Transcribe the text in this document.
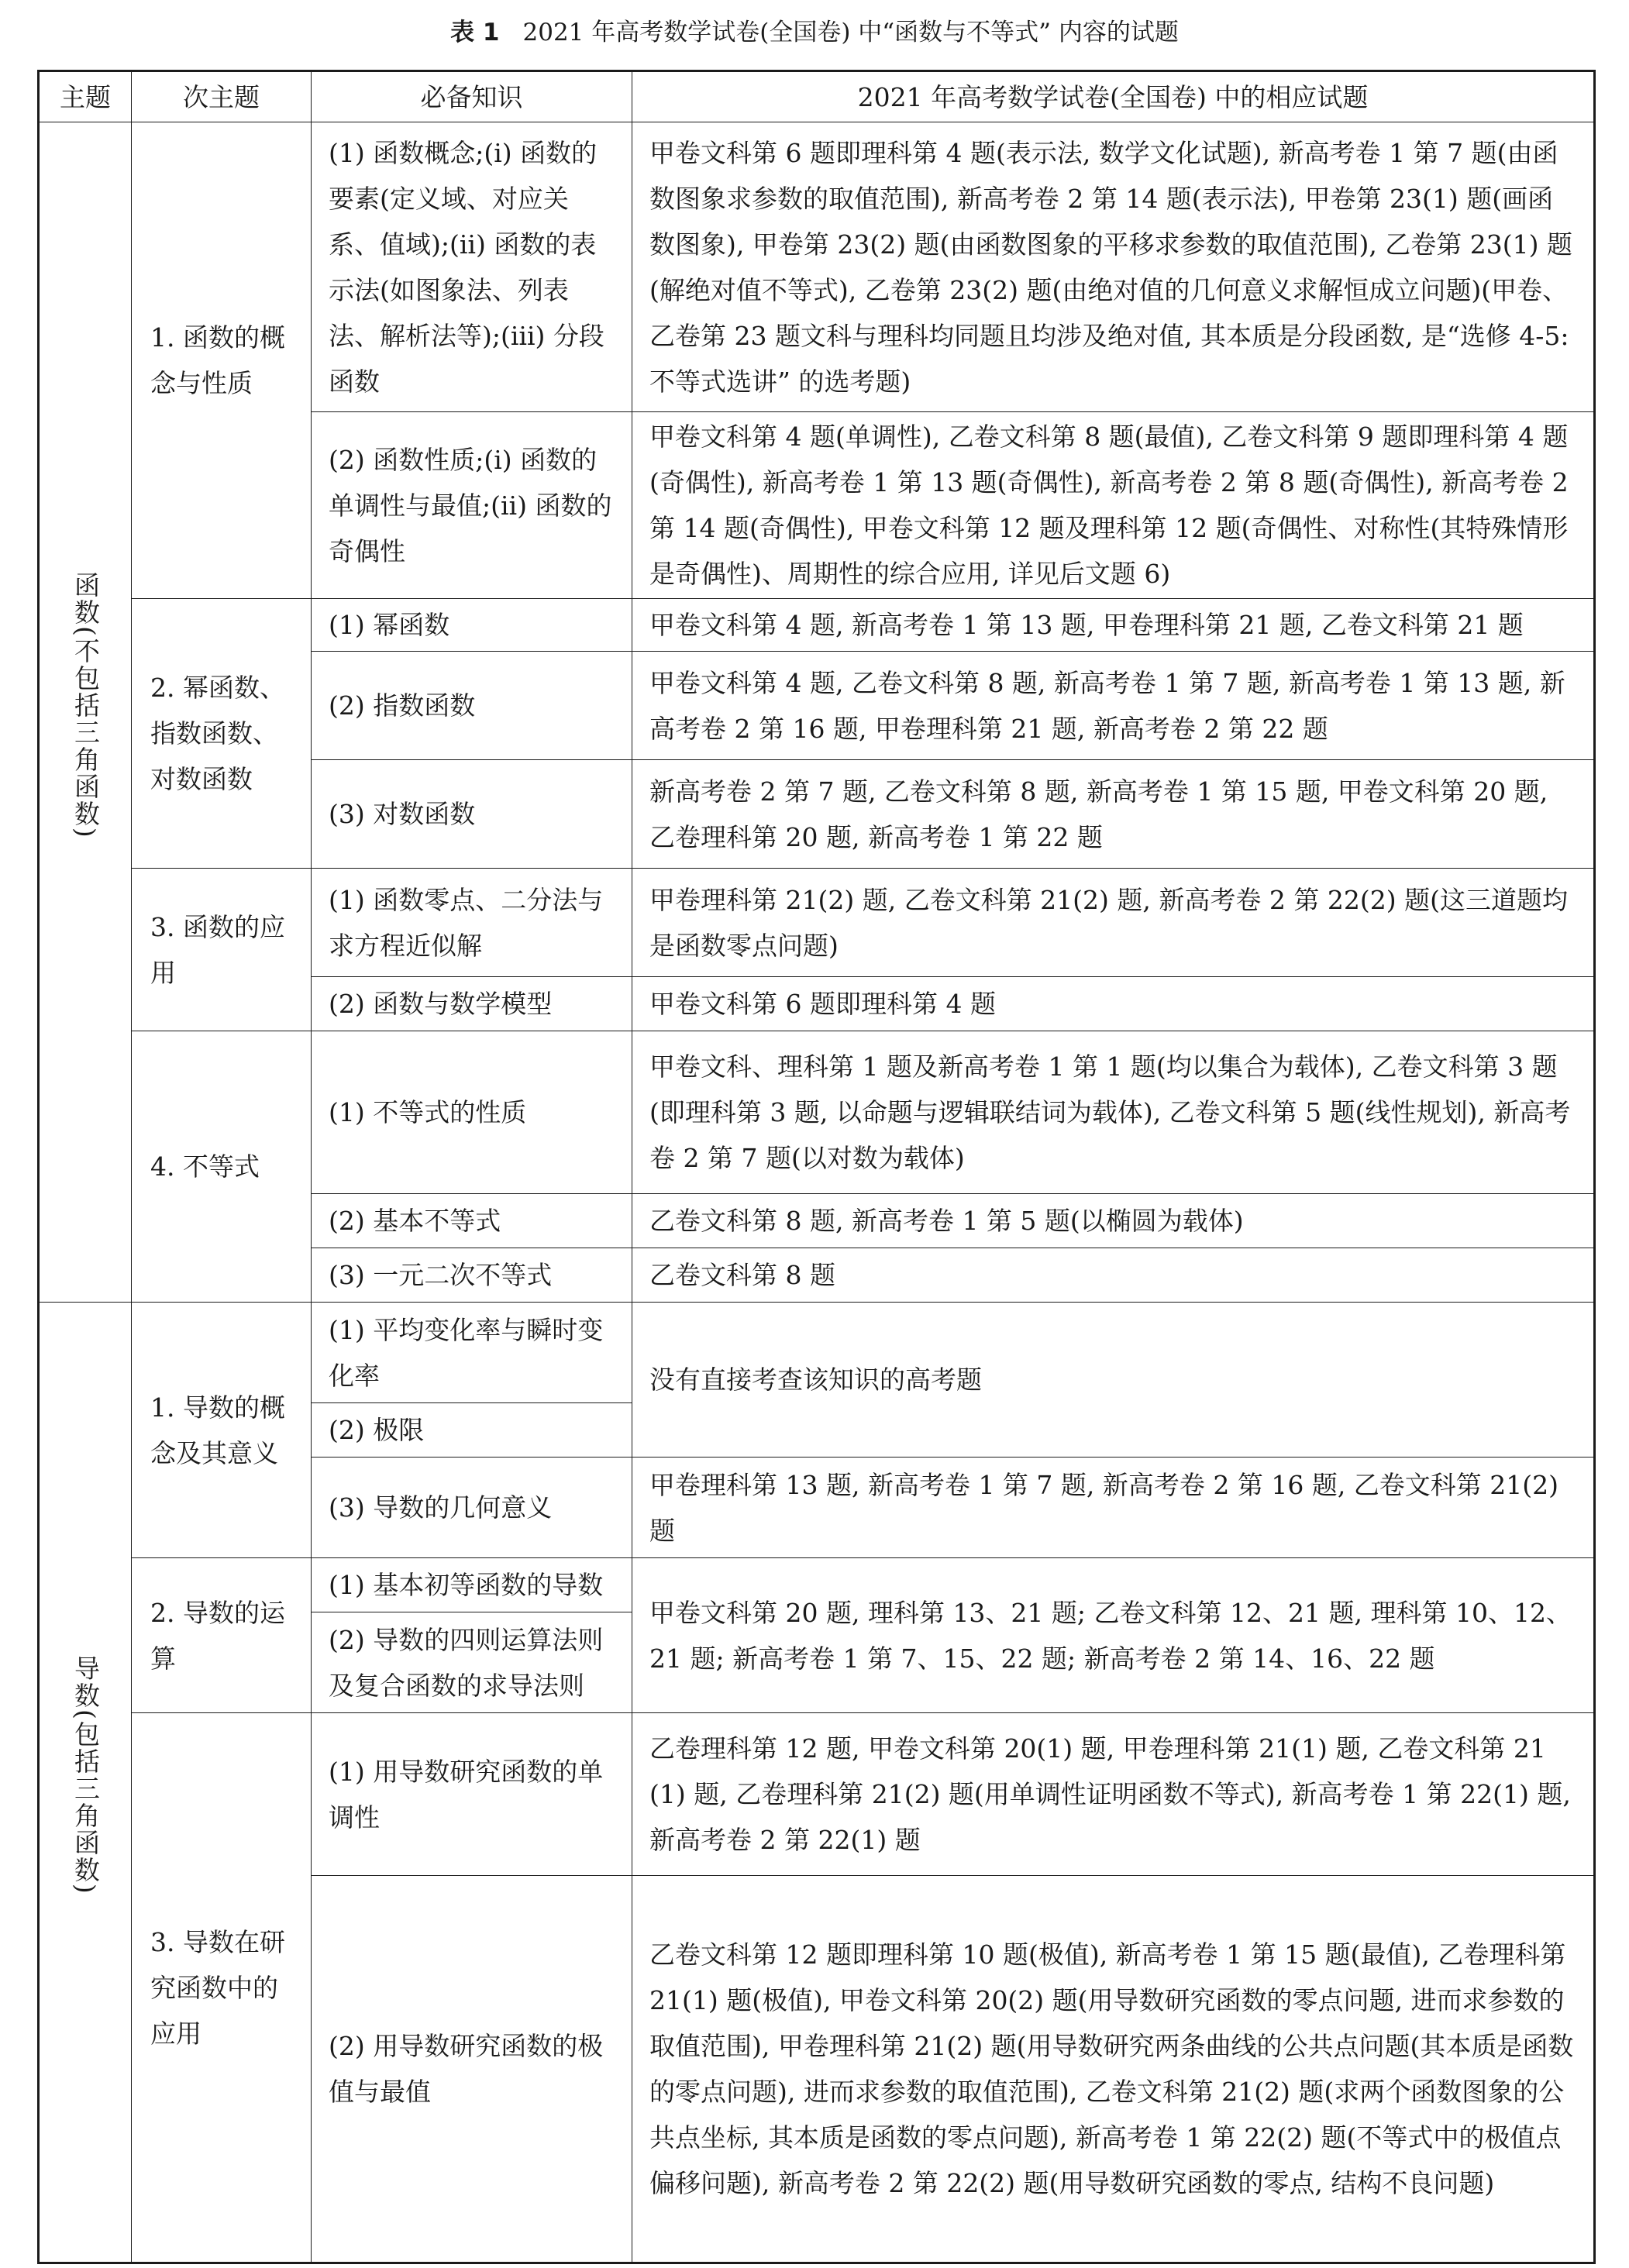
表 1 2021 年高考数学试卷(全国卷) 中“函数与不等式” 内容的试题
主题	次主题	必备知识	2021 年高考数学试卷(全国卷) 中的相应试题
函数(不包括三角函数)	1. 函数的概念与性质	(1) 函数概念;(ⅰ) 函数的要素(定义域、对应关系、值域);(ⅱ) 函数的表示法(如图象法、列表法、解析法等);(ⅲ) 分段函数	甲卷文科第 6 题即理科第 4 题(表示法, 数学文化试题), 新高考卷 1 第 7 题(由函数图象求参数的取值范围), 新高考卷 2 第 14 题(表示法), 甲卷第 23(1) 题(画函数图象), 甲卷第 23(2) 题(由函数图象的平移求参数的取值范围), 乙卷第 23(1) 题(解绝对值不等式), 乙卷第 23(2) 题(由绝对值的几何意义求解恒成立问题)(甲卷、乙卷第 23 题文科与理科均同题且均涉及绝对值, 其本质是分段函数, 是“选修 4-5: 不等式选讲” 的选考题)
		(2) 函数性质;(ⅰ) 函数的单调性与最值;(ⅱ) 函数的奇偶性	甲卷文科第 4 题(单调性), 乙卷文科第 8 题(最值), 乙卷文科第 9 题即理科第 4 题(奇偶性), 新高考卷 1 第 13 题(奇偶性), 新高考卷 2 第 8 题(奇偶性), 新高考卷 2 第 14 题(奇偶性), 甲卷文科第 12 题及理科第 12 题(奇偶性、对称性(其特殊情形是奇偶性)、周期性的综合应用, 详见后文题 6)
	2. 幂函数、指数函数、对数函数	(1) 幂函数	甲卷文科第 4 题, 新高考卷 1 第 13 题, 甲卷理科第 21 题, 乙卷文科第 21 题
		(2) 指数函数	甲卷文科第 4 题, 乙卷文科第 8 题, 新高考卷 1 第 7 题, 新高考卷 1 第 13 题, 新高考卷 2 第 16 题, 甲卷理科第 21 题, 新高考卷 2 第 22 题
		(3) 对数函数	新高考卷 2 第 7 题, 乙卷文科第 8 题, 新高考卷 1 第 15 题, 甲卷文科第 20 题, 乙卷理科第 20 题, 新高考卷 1 第 22 题
	3. 函数的应用	(1) 函数零点、二分法与求方程近似解	甲卷理科第 21(2) 题, 乙卷文科第 21(2) 题, 新高考卷 2 第 22(2) 题(这三道题均是函数零点问题)
		(2) 函数与数学模型	甲卷文科第 6 题即理科第 4 题
	4. 不等式	(1) 不等式的性质	甲卷文科、理科第 1 题及新高考卷 1 第 1 题(均以集合为载体), 乙卷文科第 3 题(即理科第 3 题, 以命题与逻辑联结词为载体), 乙卷文科第 5 题(线性规划), 新高考卷 2 第 7 题(以对数为载体)
		(2) 基本不等式	乙卷文科第 8 题, 新高考卷 1 第 5 题(以椭圆为载体)
		(3) 一元二次不等式	乙卷文科第 8 题
导数(包括三角函数)	1. 导数的概念及其意义	(1) 平均变化率与瞬时变化率	没有直接考查该知识的高考题
		(2) 极限	
		(3) 导数的几何意义	甲卷理科第 13 题, 新高考卷 1 第 7 题, 新高考卷 2 第 16 题, 乙卷文科第 21(2) 题
	2. 导数的运算	(1) 基本初等函数的导数	甲卷文科第 20 题, 理科第 13、21 题; 乙卷文科第 12、21 题, 理科第 10、12、21 题; 新高考卷 1 第 7、15、22 题; 新高考卷 2 第 14、16、22 题
		(2) 导数的四则运算法则及复合函数的求导法则	
	3. 导数在研究函数中的应用	(1) 用导数研究函数的单调性	乙卷理科第 12 题, 甲卷文科第 20(1) 题, 甲卷理科第 21(1) 题, 乙卷文科第 21(1) 题, 乙卷理科第 21(2) 题(用单调性证明函数不等式), 新高考卷 1 第 22(1) 题, 新高考卷 2 第 22(1) 题
		(2) 用导数研究函数的极值与最值	乙卷文科第 12 题即理科第 10 题(极值), 新高考卷 1 第 15 题(最值), 乙卷理科第 21(1) 题(极值), 甲卷文科第 20(2) 题(用导数研究函数的零点问题, 进而求参数的取值范围), 甲卷理科第 21(2) 题(用导数研究两条曲线的公共点问题(其本质是函数的零点问题), 进而求参数的取值范围), 乙卷文科第 21(2) 题(求两个函数图象的公共点坐标, 其本质是函数的零点问题), 新高考卷 1 第 22(2) 题(不等式中的极值点偏移问题), 新高考卷 2 第 22(2) 题(用导数研究函数的零点, 结构不良问题)
